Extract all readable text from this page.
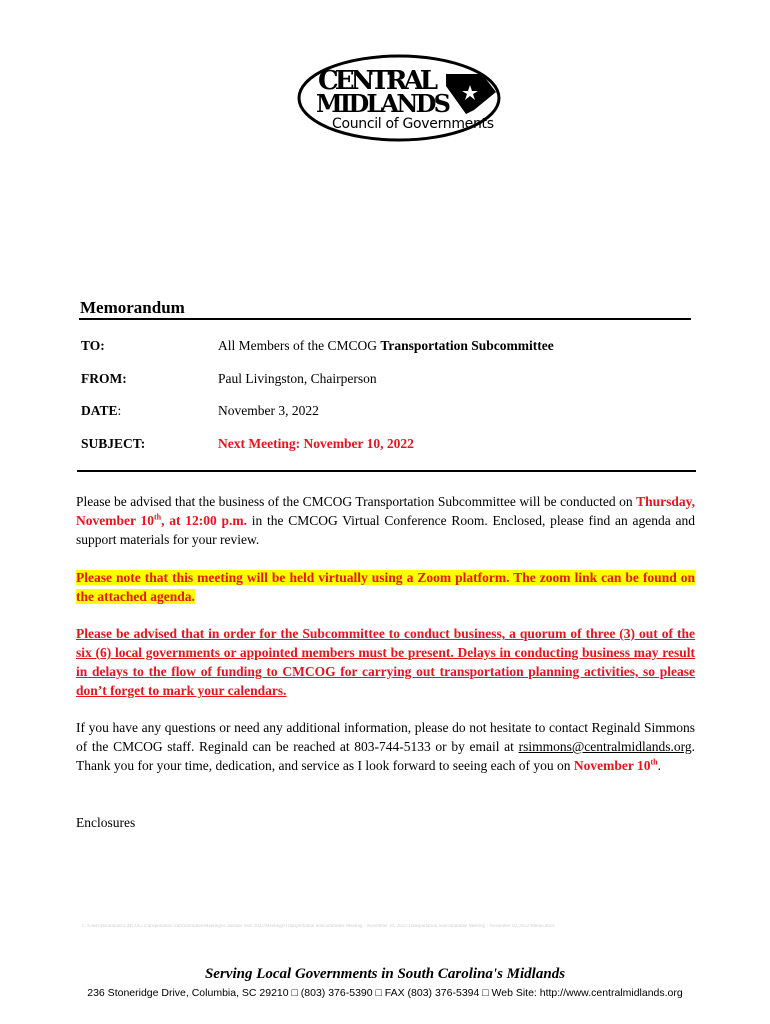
CENTRAL
MIDLANDS
Council of Governments
Memorandum
TO:	All Members of the CMCOG Transportation Subcommittee
FROM:	Paul Livingston, Chairperson
DATE:	November 3, 2022
SUBJECT:	Next Meeting: November 10, 2022

Please be advised that the business of the CMCOG Transportation Subcommittee will be conducted on Thursday, November 10th, at 12:00 p.m. in the CMCOG Virtual Conference Room. Enclosed, please find an agenda and support materials for your review.

Please note that this meeting will be held virtually using a Zoom platform. The zoom link can be found on the attached agenda.

Please be advised that in order for the Subcommittee to conduct business, a quorum of three (3) out of the six (6) local governments or appointed members must be present. Delays in conducting business may result in delays to the flow of funding to CMCOG for carrying out transportation planning activities, so please don’t forget to mark your calendars.

If you have any questions or need any additional information, please do not hesitate to contact Reginald Simmons of the CMCOG staff. Reginald can be reached at 803-744-5133 or by email at rsimmons@centralmidlands.org. Thank you for your time, dedication, and service as I look forward to seeing each of you on November 10th.

Enclosures

C:\Users\Rsimmons\CMCOG\Transportation Subcommittee\Meetings\Calendar Year 2022\Meetings\Transportation Subcommittee Meeting - November 10, 2022\Transportation Subcommittee Meeting - November 10, 2022\Memo.docx
Serving Local Governments in South Carolina's Midlands
236 Stoneridge Drive, Columbia, SC 29210 □ (803) 376-5390 □ FAX (803) 376-5394 □ Web Site: http://www.centralmidlands.org
